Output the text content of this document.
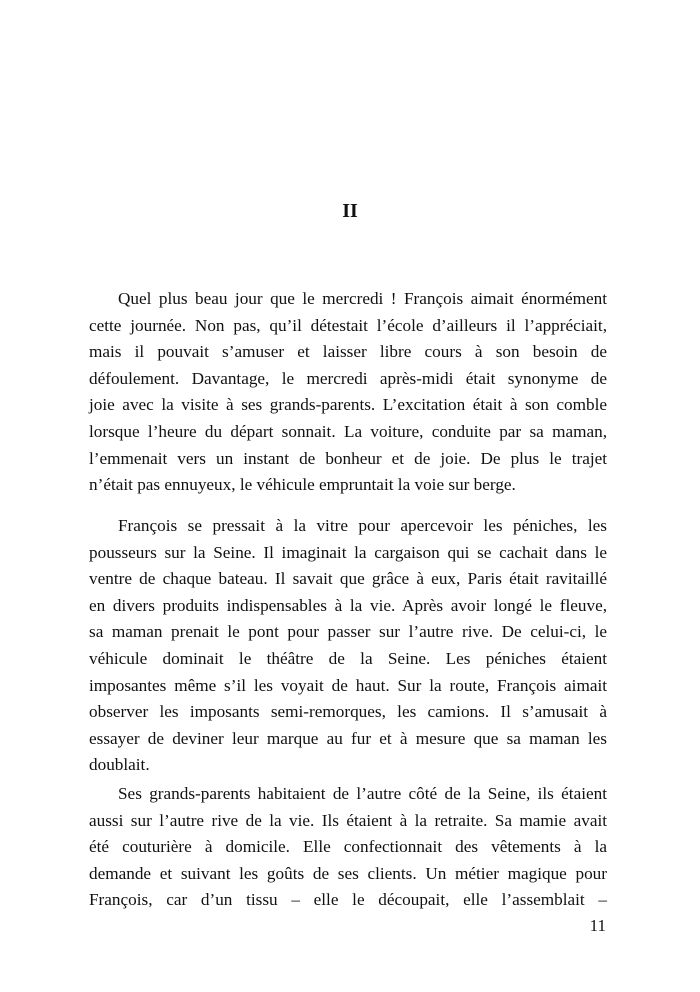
II
Quel plus beau jour que le mercredi ! François aimait énormément
cette journée. Non pas, qu’il détestait l’école d’ailleurs il l’appréciait,
mais il pouvait s’amuser et laisser libre cours à son besoin de
défoulement. Davantage, le mercredi après-midi était synonyme de
joie avec la visite à ses grands-parents. L’excitation était à son comble
lorsque l’heure du départ sonnait. La voiture, conduite par sa maman,
l’emmenait vers un instant de bonheur et de joie. De plus le trajet
n’était pas ennuyeux, le véhicule empruntait la voie sur berge.
François se pressait à la vitre pour apercevoir les péniches, les
pousseurs sur la Seine. Il imaginait la cargaison qui se cachait dans le
ventre de chaque bateau. Il savait que grâce à eux, Paris était ravitaillé
en divers produits indispensables à la vie. Après avoir longé le fleuve,
sa maman prenait le pont pour passer sur l’autre rive. De celui-ci, le
véhicule dominait le théâtre de la Seine. Les péniches étaient
imposantes même s’il les voyait de haut. Sur la route, François aimait
observer les imposants semi-remorques, les camions. Il s’amusait à
essayer de deviner leur marque au fur et à mesure que sa maman les
doublait.
Ses grands-parents habitaient de l’autre côté de la Seine, ils étaient
aussi sur l’autre rive de la vie. Ils étaient à la retraite. Sa mamie avait
été couturière à domicile. Elle confectionnait des vêtements à la
demande et suivant les goûts de ses clients. Un métier magique pour
François, car d’un tissu – elle le découpait, elle l’assemblait –
11
